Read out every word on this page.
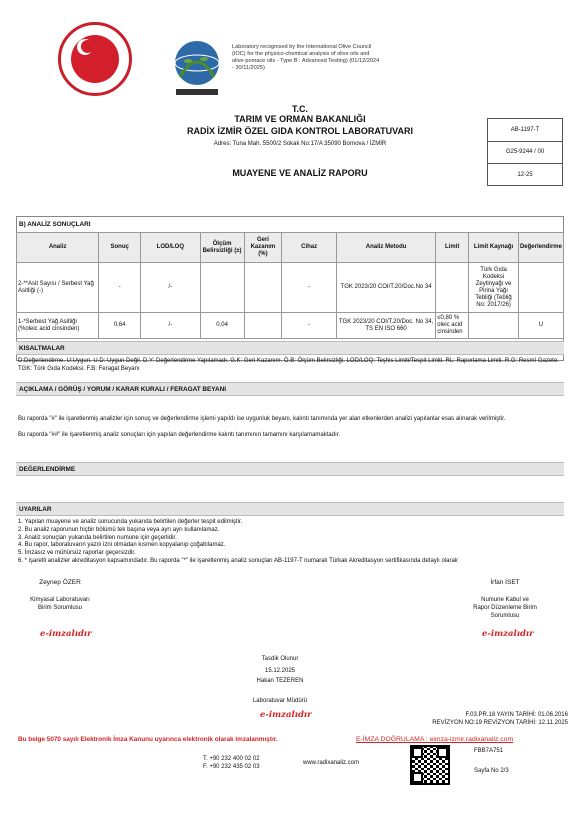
Laboratory recognised by the International Olive Council (IOC) for the physico-chemical analysis of olive oils and olive-pomace oils - Type B : Advanced Testing) (01/12/2024 - 30/11/2025)
T.C.
TARIM VE ORMAN BAKANLIĞI
RADİX İZMİR ÖZEL GIDA KONTROL LABORATUVARI
Adres: Tuna Mah. 5500/2 Sokak No:17/A 35090 Bornova / İZMİR
MUAYENE VE ANALİZ RAPORU
AB-1197-T
G25-9244 / 00
12-25
B) ANALİZ SONUÇLARI
Analiz	Sonuç	LOD/LOQ	Ölçüm Belirsizliği (±)	Geri Kazanım (%)	Cihaz	Analiz Metodu	Limit	Limit Kaynağı	Değerlendirme
2-**Asit Sayısı / Serbest Yağ Asitliği (-)	-	/-			-	TGK 2023/20 COI/T.20/Doc.No 34		Türk Gıda Kodeksi Zeytinyağı ve Pirina Yağı Tebliği (Tebliğ No: 2017/26)	
1-*Serbest Yağ Asitliği (%oleic acid cinsinden)	0,64	/-	0,04		-	TGK 2023/20 COI/T.20/Doc. No 34, TS EN ISO 660	≤0,80 % oleic acid cinsinden		U
KISALTMALAR
D:Değerlendirme. U:Uygun. U.D: Uygun Değil. D.Y: Değerlendirme Yapılamadı. G.K: Geri Kazanım. Ö.B: Ölçüm Belirsizliği. LOD/LOQ: Teşhis Limiti/Tespit Limiti. RL: Raporlama Limiti. R.G: Resmî Gazete. TGK: Türk Gıda Kodeksi. F.B: Feragat Beyanı
AÇIKLAMA / GÖRÜŞ / YORUM / KARAR KURALI / FERAGAT BEYANI
Bu raporda "#" ile işaretlenmiş analizler için sonuç ve değerlendirme işlemi yapıldı ise uygunluk beyanı, kalıntı tanımında yer alan etkenlerden analizi yapılanlar esas alınarak verilmiştir.
Bu raporda "##" ile işaretlenmiş analiz sonuçları için yapılan değerlendirme kalıntı tanımının tamamını karşılamamaktadır.
DEĞERLENDİRME
UYARILAR
1. Yapılan muayene ve analiz sonucunda yukarıda belirtilen değerler tespit edilmiştir.
2. Bu analiz raporunun hiçbir bölümü tek başına veya ayrı ayrı kullanılamaz.
3. Analiz sonuçları yukarıda belirtilen numune için geçerlidir.
4. Bu rapor, laboratuvarın yazılı izni olmadan kısmen kopyalanıp çoğaltılamaz.
5. İmzasız ve mühürsüz raporlar geçersizdir.
6. * işaretli analizler akreditasyon kapsamındadır. Bu raporda "*" ile işaretlenmiş analiz sonuçları AB-1197-T numaralı Türkak Akreditasyon sertifikasında detaylı olarak
Zeynep ÖZER
Kimyasal Laboratuvarı
Birim Sorumlusu
e-imzalıdır
İrfan İSET
Numune Kabul ve
Rapor Düzenleme Birim
Sorumlusu
e-imzalıdır
Tasdik Olunur
15.12.2025
Hakan TEZEREN
Laboratuvar Müdürü
e-imzalıdır	F.03.PR.18 YAYIN TARİHİ: 01.06.2016
REVİZYON NO:19 REVİZYON TARİHİ: 12.11.2025
Bu belge 5070 sayılı Elektronik İmza Kanunu uyarınca elektronik olarak imzalanmıştır.	E-İMZA DOĞRULAMA : eimza-izmir.radixanaliz.com
FBB7A751
T. +90 232 400 02 02
F. +90 232 435 02 03
www.radixanaliz.com
Sayfa No 2/3
